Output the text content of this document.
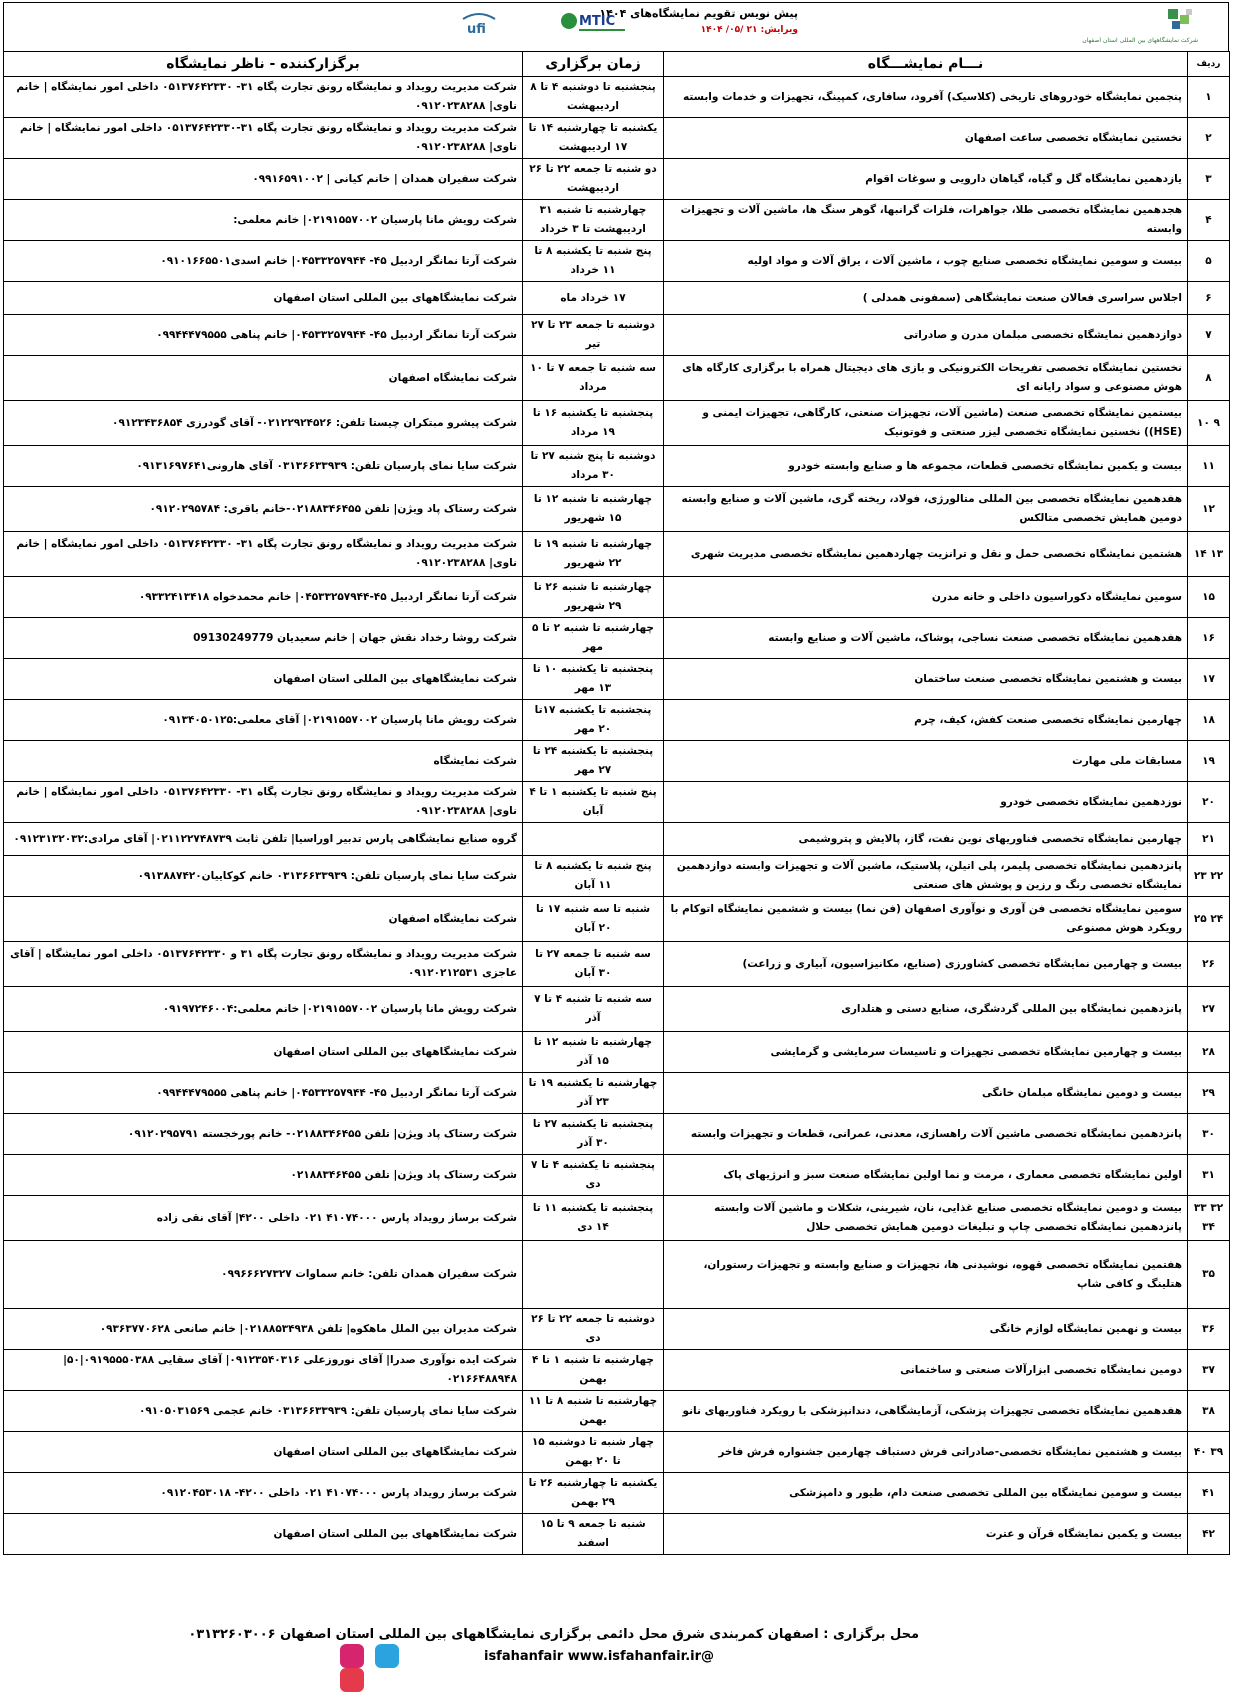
شرکت نمایشگاههای بین المللی استان اصفهان
پیش نویس تقویم نمایشگاه‌های ۱۴۰۴
ویرایش: ۲۱ /۰۵/ ۱۴۰۴
MTIC
ufi
ردیف	نـــام نمایشـــگاه	زمان برگزاری	برگزارکننده - ناظر نمایشگاه
۱	پنجمین نمایشگاه خودروهای تاریخی (کلاسیک) آفرود، سافاری، کمپینگ، تجهیزات و خدمات وابسته	پنجشنبه تا دوشنبه ۴ تا ۸ اردیبهشت	شرکت مدیریت رویداد و نمایشگاه رونق تجارت پگاه ۳۱- ۰۵۱۳۷۶۴۲۳۳۰ داخلی امور نمایشگاه | خانم ناوی| ۰۹۱۲۰۲۳۸۲۸۸
۲	نخستین نمایشگاه تخصصی ساعت اصفهان	یکشنبه تا چهارشنبه ۱۴ تا ۱۷ اردیبهشت	شرکت مدیریت رویداد و نمایشگاه رونق تجارت پگاه ۳۱-۰۵۱۳۷۶۴۲۳۳۰ داخلی امور نمایشگاه | خانم ناوی| ۰۹۱۲۰۲۳۸۲۸۸
۳	یازدهمین نمایشگاه گل و گیاه، گیاهان دارویی و سوغات اقوام	دو شنبه تا جمعه ۲۲ تا ۲۶ اردیبهشت	شرکت سفیران همدان | خانم کیانی | ۰۹۹۱۶۵۹۱۰۰۲
۴	هجدهمین نمایشگاه تخصصی طلا، جواهرات، فلزات گرانبها، گوهر سنگ ها، ماشین آلات و تجهیزات وابسته	چهارشنبه تا شنبه ۳۱ اردیبهشت تا ۳ خرداد	شرکت رویش مانا پارسیان ۰۲۱۹۱۵۵۷۰۰۲| خانم معلمی:
۵	بیست و سومین نمایشگاه تخصصی صنایع چوب ، ماشین آلات ، یراق آلات و مواد اولیه	پنج شنبه تا یکشنبه ۸ تا ۱۱ خرداد	شرکت آرتا نمانگر اردبیل ۴۵- ۰۴۵۳۳۲۵۷۹۴۴| خانم اسدی۰۹۱۰۱۶۶۵۵۰۱
۶	اجلاس سراسری فعالان صنعت نمایشگاهی (سمفونی همدلی )	۱۷ خرداد ماه	شرکت نمایشگاههای بین المللی استان اصفهان
۷	دوازدهمین نمایشگاه تخصصی مبلمان مدرن و صادراتی	دوشنبه تا جمعه ۲۳ تا ۲۷ تیر	شرکت آرتا نمانگر اردبیل ۴۵- ۰۴۵۳۳۲۵۷۹۴۴| خانم پناهی ۰۹۹۴۴۴۷۹۵۵۵
۸	نخستین نمایشگاه تخصصی تفریحات الکترونیکی و بازی های دیجیتال همراه با برگزاری کارگاه های هوش مصنوعی و سواد رایانه ای	سه شنبه تا جمعه ۷ تا ۱۰ مرداد	شرکت نمایشگاه اصفهان
۹ ۱۰	بیستمین نمایشگاه تخصصی صنعت (ماشین آلات، تجهیزات صنعتی، کارگاهی، تجهیزات ایمنی و (HSE)) نخستین نمایشگاه تخصصی لیزر صنعتی و فوتونیک	پنجشنبه تا یکشنبه ۱۶ تا ۱۹ مرداد	شرکت پیشرو مبتکران چیستا تلفن: ۰۲۱۲۲۹۲۴۵۲۶- آقای گودرزی ۰۹۱۲۳۴۳۶۸۵۴
۱۱	بیست و یکمین نمایشگاه تخصصی قطعات، مجموعه ها و صنایع وابسته خودرو	دوشنبه تا پنج شنبه ۲۷ تا ۳۰ مرداد	شرکت سایا نمای پارسیان تلفن: ۰۳۱۳۶۶۳۳۹۳۹ آقای هارونی۰۹۱۳۱۶۹۷۶۴۱
۱۲	هفدهمین نمایشگاه تخصصی بین المللی متالورژی، فولاد، ریخته گری، ماشین آلات و صنایع وابسته دومین همایش تخصصی متالکس	چهارشنبه تا شنبه ۱۲ تا ۱۵ شهریور	شرکت رستاک پاد ویژن| تلفن ۰۲۱۸۸۳۴۶۴۵۵-خانم باقری: ۰۹۱۲۰۲۹۵۷۸۴
۱۳ ۱۴	هشتمین نمایشگاه تخصصی حمل و نقل و ترانزیت چهاردهمین نمایشگاه تخصصی مدیریت شهری	چهارشنبه تا شنبه ۱۹ تا ۲۲ شهریور	شرکت مدیریت رویداد و نمایشگاه رونق تجارت پگاه ۳۱- ۰۵۱۳۷۶۴۲۳۳۰ داخلی امور نمایشگاه | خانم ناوی| ۰۹۱۲۰۲۳۸۲۸۸
۱۵	سومین نمایشگاه دکوراسیون داخلی و خانه مدرن	چهارشنبه تا شنبه ۲۶ تا ۲۹ شهریور	شرکت آرتا نمانگر اردبیل ۴۵-۰۴۵۳۳۲۵۷۹۴۴| خانم محمدخواه ۰۹۳۳۲۴۱۳۴۱۸
۱۶	هفدهمین نمایشگاه تخصصی صنعت نساجی، پوشاک، ماشین آلات و صنایع وابسته	چهارشنبه تا شنبه ۲ تا ۵ مهر	شرکت روشا رخداد نقش جهان | خانم سعیدیان 09130249779
۱۷	بیست و هشتمین نمایشگاه تخصصی صنعت ساختمان	پنجشنبه تا یکشنبه ۱۰ تا ۱۳ مهر	شرکت نمایشگاههای بین المللی استان اصفهان
۱۸	چهارمین نمایشگاه تخصصی صنعت کفش، کیف، چرم	پنجشنبه تا یکشنبه ۱۷تا ۲۰ مهر	شرکت رویش مانا پارسیان ۰۲۱۹۱۵۵۷۰۰۲| آقای معلمی:۰۹۱۳۴۰۵۰۱۲۵
۱۹	مسابقات ملی مهارت	پنجشنبه تا یکشنبه ۲۴ تا ۲۷ مهر	شرکت نمایشگاه
۲۰	نوزدهمین نمایشگاه تخصصی خودرو	پنج شنبه تا یکشنبه ۱ تا ۴ آبان	شرکت مدیریت رویداد و نمایشگاه رونق تجارت پگاه ۳۱- ۰۵۱۳۷۶۴۲۳۳۰ داخلی امور نمایشگاه | خانم ناوی| ۰۹۱۲۰۲۳۸۲۸۸
۲۱	چهارمین نمایشگاه تخصصی فناوریهای نوین نفت، گاز، پالایش و پتروشیمی		گروه صنایع نمایشگاهی پارس تدبیر اوراسیا| تلفن ثابت ۰۲۱۱۲۲۷۴۸۷۳۹| آقای مرادی:۰۹۱۲۳۱۳۲۰۳۲
۲۲ ۲۳	پانزدهمین نمایشگاه تخصصی پلیمر، پلی اتیلن، پلاستیک، ماشین آلات و تجهیزات وابسته دوازدهمین نمایشگاه تخصصی رنگ و رزین و پوشش های صنعتی	پنج شنبه تا یکشنبه ۸ تا ۱۱ آبان	شرکت سایا نمای پارسیان تلفن: ۰۳۱۳۶۶۳۳۹۳۹ خانم کوکاییان۰۹۱۳۸۸۷۴۲۰
۲۴ ۲۵	سومین نمایشگاه تخصصی فن آوری و نوآوری اصفهان (فن نما) بیست و ششمین نمایشگاه اتوکام با رویکرد هوش مصنوعی	شنبه تا سه شنبه ۱۷ تا ۲۰ آبان	شرکت نمایشگاه اصفهان
۲۶	بیست و چهارمین نمایشگاه تخصصی کشاورزی (صنایع، مکانیزاسیون، آبیاری و زراعت)	سه شنبه تا جمعه ۲۷ تا ۳۰ آبان	شرکت مدیریت رویداد و نمایشگاه رونق تجارت پگاه ۳۱ و ۰۵۱۳۷۶۴۲۳۳۰ داخلی امور نمایشگاه | آقای عاجزی ۰۹۱۲۰۲۱۲۵۳۱
۲۷	پانزدهمین نمایشگاه بین المللی گردشگری، صنایع دستی و هتلداری	سه شنبه تا شنبه ۴ تا ۷ آذر	شرکت رویش مانا پارسیان ۰۲۱۹۱۵۵۷۰۰۲| خانم معلمی:۰۹۱۹۷۲۴۶۰۰۴
۲۸	بیست و چهارمین نمایشگاه تخصصی تجهیزات و تاسیسات سرمایشی و گرمایشی	چهارشنبه تا شنبه ۱۲ تا ۱۵ آذر	شرکت نمایشگاههای بین المللی استان اصفهان
۲۹	بیست و دومین نمایشگاه مبلمان خانگی	چهارشنبه تا یکشنبه ۱۹ تا ۲۳ آذر	شرکت آرتا نمانگر اردبیل ۴۵- ۰۴۵۳۳۲۵۷۹۴۴| خانم پناهی ۰۹۹۴۴۴۷۹۵۵۵
۳۰	پانزدهمین نمایشگاه تخصصی ماشین آلات راهسازی، معدنی، عمرانی، قطعات و تجهیزات وابسته	پنجشنبه تا یکشنبه ۲۷ تا ۳۰ آذر	شرکت رستاک پاد ویژن| تلفن ۰۲۱۸۸۳۴۶۴۵۵- خانم پورخجسته ۰۹۱۲۰۲۹۵۷۹۱
۳۱	اولین نمایشگاه تخصصی معماری ، مرمت و نما اولین نمایشگاه صنعت سبز و انرژیهای پاک	پنجشنبه تا یکشنبه ۴ تا ۷ دی	شرکت رستاک پاد ویژن| تلفن ۰۲۱۸۸۳۴۶۴۵۵
۳۲ ۳۳ ۳۴	بیست و دومین نمایشگاه تخصصی صنایع غذایی، نان، شیرینی، شکلات و ماشین آلات وابسته پانزدهمین نمایشگاه تخصصی چاپ و تبلیغات دومین همایش تخصصی حلال	پنجشنبه تا یکشنبه ۱۱ تا ۱۴ دی	شرکت برساز رویداد پارس ۴۱۰۷۴۰۰۰ ۰۲۱ داخلی ۴۲۰۰| آقای نقی زاده
۳۵	هفتمین نمایشگاه تخصصی قهوه، نوشیدنی ها، تجهیزات و صنایع وابسته و تجهیزات رستوران، هتلینگ و کافی شاپ		شرکت سفیران همدان تلفن: خانم سماوات ۰۹۹۶۶۶۲۷۳۲۷
۳۶	بیست و نهمین نمایشگاه لوازم خانگی	دوشنبه تا جمعه ۲۲ تا ۲۶ دی	شرکت مدیران بین الملل ماهکوه| تلفن ۰۲۱۸۸۵۳۴۹۳۸| خانم صانعی ۰۹۳۶۳۷۷۰۶۲۸
۳۷	دومین نمایشگاه تخصصی ابزارآلات صنعتی و ساختمانی	چهارشنبه تا شنبه ۱ تا ۴ بهمن	شرکت ایده نوآوری صدرا| آقای نوروزعلی ۰۹۱۲۳۵۴۰۳۱۶| آقای سقایی ۰۹۱۹۵۵۵۰۳۸۸|۵۰| ۰۲۱۶۶۴۸۸۹۴۸
۳۸	هفدهمین نمایشگاه تخصصی تجهیزات پزشکی، آزمایشگاهی، دندانپزشکی با رویکرد فناوریهای نانو	چهارشنبه تا شنبه ۸ تا ۱۱ بهمن	شرکت سایا نمای پارسیان تلفن: ۰۳۱۳۶۶۳۳۹۳۹ خانم عجمی ۰۹۱۰۵۰۳۱۵۶۹
۳۹ ۴۰	بیست و هشتمین نمایشگاه تخصصی-صادراتی فرش دستباف چهارمین جشنواره فرش فاخر	چهار شنبه تا دوشنبه ۱۵ تا ۲۰ بهمن	شرکت نمایشگاههای بین المللی استان اصفهان
۴۱	بیست و سومین نمایشگاه بین المللی تخصصی صنعت دام، طیور و دامپزشکی	یکشنبه تا چهارشنبه ۲۶ تا ۲۹ بهمن	شرکت برساز رویداد پارس ۴۱۰۷۴۰۰۰ ۰۲۱ داخلی ۴۲۰۰- ۰۹۱۲۰۴۵۳۰۱۸
۴۲	بیست و یکمین نمایشگاه قرآن و عترت	شنبه تا جمعه ۹ تا ۱۵ اسفند	شرکت نمایشگاههای بین المللی استان اصفهان
محل برگزاری : اصفهان کمربندی شرق محل دائمی برگزاری نمایشگاههای بین المللی استان اصفهان ۰۳۱۳۲۶۰۳۰۰۶
@isfahanfair www.isfahanfair.ir
